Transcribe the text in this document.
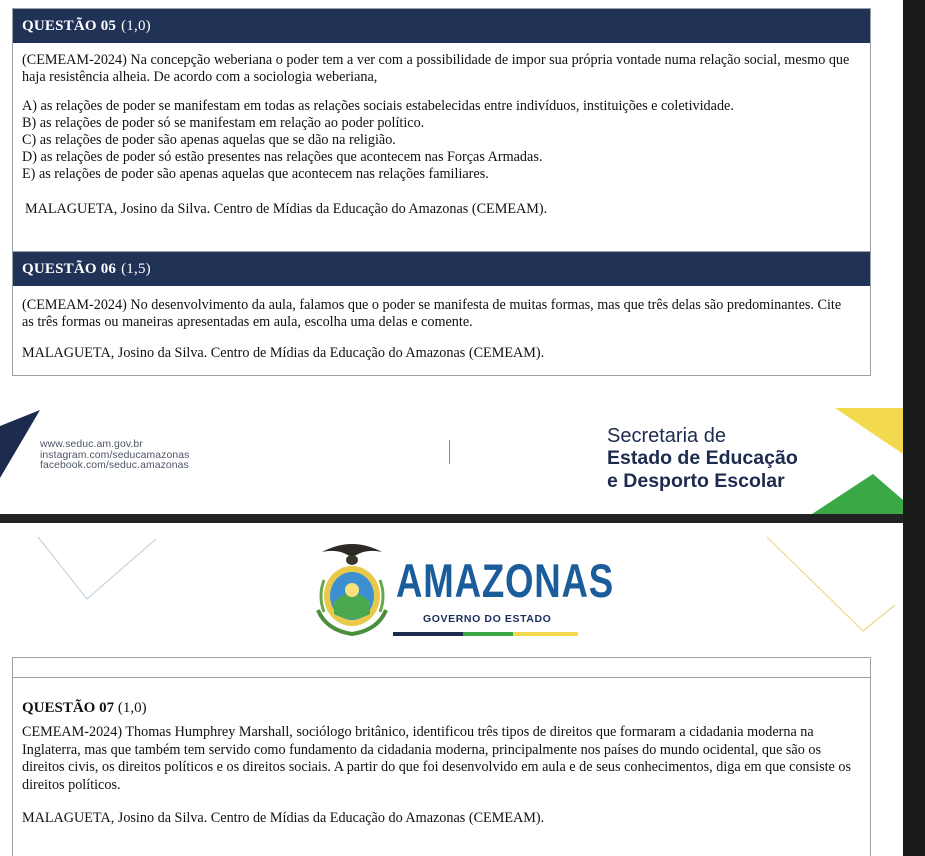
QUESTÃO 05 (1,0)

(CEMEAM-2024) Na concepção weberiana o poder tem a ver com a possibilidade de impor sua própria vontade numa relação social, mesmo que haja resistência alheia. De acordo com a sociologia weberiana,

A) as relações de poder se manifestam em todas as relações sociais estabelecidas entre indivíduos, instituições e coletividade.

B) as relações de poder só se manifestam em relação ao poder político.

C) as relações de poder são apenas aquelas que se dão na religião.

D) as relações de poder só estão presentes nas relações que acontecem nas Forças Armadas.

E) as relações de poder são apenas aquelas que acontecem nas relações familiares.

MALAGUETA, Josino da Silva. Centro de Mídias da Educação do Amazonas (CEMEAM).

QUESTÃO 06 (1,5)

(CEMEAM-2024) No desenvolvimento da aula, falamos que o poder se manifesta de muitas formas, mas que três delas são predominantes. Cite as três formas ou maneiras apresentadas em aula, escolha uma delas e comente.

MALAGUETA, Josino da Silva. Centro de Mídias da Educação do Amazonas (CEMEAM).

www.seduc.am.gov.br
instagram.com/seducamazonas
facebook.com/seduc.amazonas
Secretaria de
Estado de Educação
e Desporto Escolar
AMAZONAS
GOVERNO DO ESTADO
QUESTÃO 07 (1,0)

CEMEAM-2024) Thomas Humphrey Marshall, sociólogo britânico, identificou três tipos de direitos que formaram a cidadania moderna na Inglaterra, mas que também tem servido como fundamento da cidadania moderna, principalmente nos países do mundo ocidental, que são os direitos civis, os direitos políticos e os direitos sociais. A partir do que foi desenvolvido em aula e de seus conhecimentos, diga em que consiste os direitos políticos.

MALAGUETA, Josino da Silva. Centro de Mídias da Educação do Amazonas (CEMEAM).
